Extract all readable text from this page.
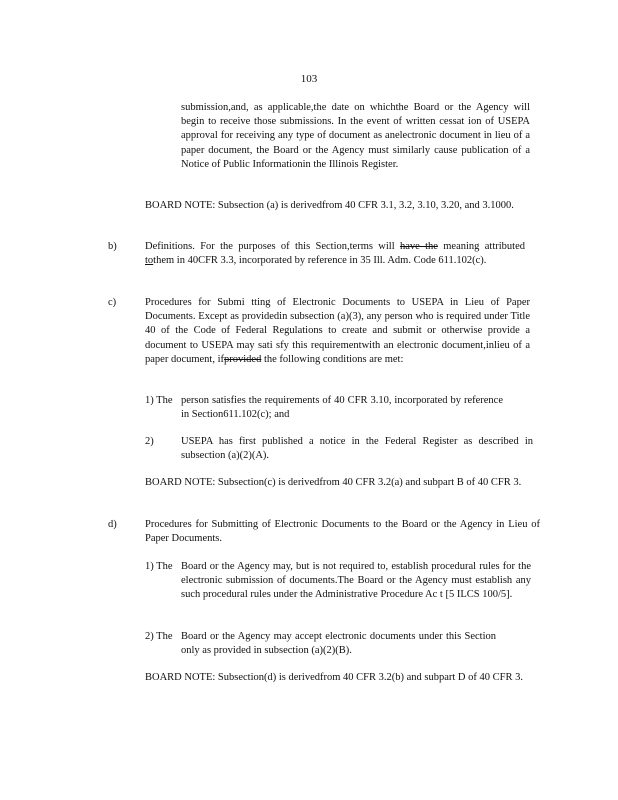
103
submission,and, as applicable,the date on whichthe Board or the Agency will begin to receive those submissions. In the event of written cessat ion of USEPA approval for receiving any type of document as anelectronic document in lieu of a paper document, the Board or the Agency must similarly cause publication of a Notice of Public Informationin the Illinois Register.
BOARD NOTE: Subsection (a) is derivedfrom 40 CFR 3.1, 3.2, 3.10, 3.20, and 3.1000.
b)	Definitions. For the purposes of this Section,terms will have the meaning attributed tothem in 40CFR 3.3, incorporated by reference in 35 Ill. Adm. Code 611.102(c).
c)	Procedures for Submi tting of Electronic Documents to USEPA in Lieu of Paper Documents. Except as providedin subsection (a)(3), any person who is required under Title 40 of the Code of Federal Regulations to create and submit or otherwise provide a document to USEPA may sati sfy this requirementwith an electronic document,inlieu of a paper document, ifprovided the following conditions are met:
1) The person satisfies the requirements of 40 CFR 3.10, incorporated by reference in Section611.102(c); and
2)	USEPA has first published a notice in the Federal Register as described in subsection (a)(2)(A).
BOARD NOTE: Subsection(c) is derivedfrom 40 CFR 3.2(a) and subpart B of 40 CFR 3.
d)	Procedures for Submitting of Electronic Documents to the Board or the Agency in Lieu of Paper Documents.
1) The Board or the Agency may, but is not required to, establish procedural rules for the electronic submission of documents.The Board or the Agency must establish any such procedural rules under the Administrative Procedure Ac t [5 ILCS 100/5].
2) The Board or the Agency may accept electronic documents under this Section only as provided in subsection (a)(2)(B).
BOARD NOTE: Subsection(d) is derivedfrom 40 CFR 3.2(b) and subpart D of 40 CFR 3.
